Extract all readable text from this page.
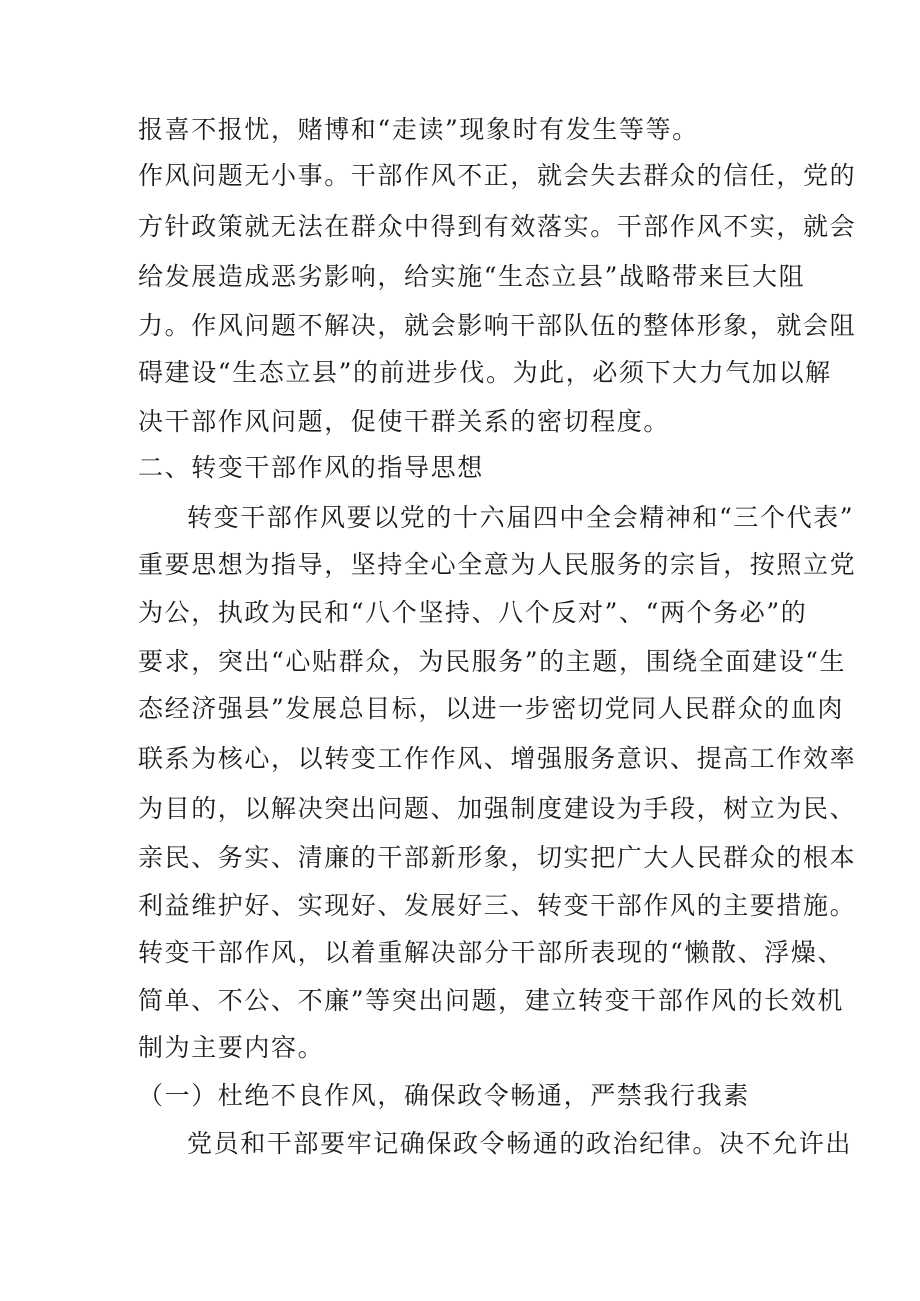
报喜不报忧，赌博和“走读”现象时有发生等等。
作风问题无小事。干部作风不正，就会失去群众的信任，党的
方针政策就无法在群众中得到有效落实。干部作风不实，就会
给发展造成恶劣影响，给实施“生态立县”战略带来巨大阻
力。作风问题不解决，就会影响干部队伍的整体形象，就会阻
碍建设“生态立县”的前进步伐。为此，必须下大力气加以解
决干部作风问题，促使干群关系的密切程度。
二、转变干部作风的指导思想
转变干部作风要以党的十六届四中全会精神和“三个代表”
重要思想为指导，坚持全心全意为人民服务的宗旨，按照立党
为公，执政为民和“八个坚持、八个反对”、“两个务必”的
要求，突出“心贴群众，为民服务”的主题，围绕全面建设“生
态经济强县”发展总目标，以进一步密切党同人民群众的血肉
联系为核心，以转变工作作风、增强服务意识、提高工作效率
为目的，以解决突出问题、加强制度建设为手段，树立为民、
亲民、务实、清廉的干部新形象，切实把广大人民群众的根本
利益维护好、实现好、发展好三、转变干部作风的主要措施。
转变干部作风，以着重解决部分干部所表现的“懒散、浮燥、
简单、不公、不廉”等突出问题，建立转变干部作风的长效机
制为主要内容。
（一）杜绝不良作风，确保政令畅通，严禁我行我素
党员和干部要牢记确保政令畅通的政治纪律。决不允许出
